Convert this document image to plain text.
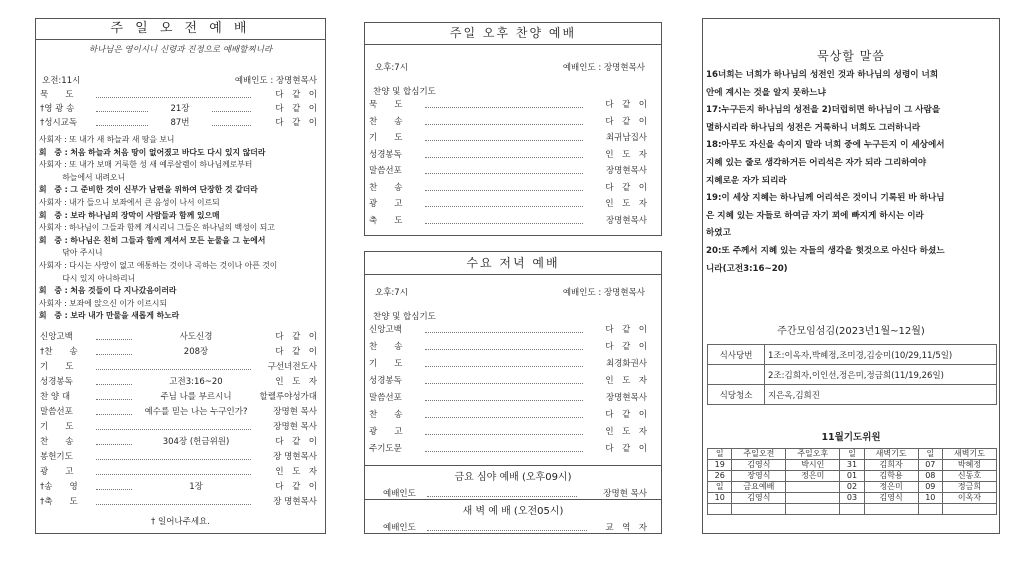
주 일 오 전 예 배
하나님은 영이시니 신령과 진정으로 예배할찌니라
오전:11시	예배인도 : 장명현목사
묵　　도	다　같　이
†영 광 송	21장	다　같　이
†성시교독	87번	다　같　이
사회자 : 또 내가 새 하늘과 새 땅을 보니
회　중 : 처음 하늘과 처음 땅이 없어졌고 바다도 다시 있지 않더라
사회자 : 또 내가 보매 거룩한 성 새 예루살렘이 하나님께로부터
　　　하늘에서 내려오니
회　중 : 그 준비한 것이 신부가 남편을 위하여 단장한 것 같더라
사회자 : 내가 들으니 보좌에서 큰 음성이 나서 이르되
회　중 : 보라 하나님의 장막이 사람들과 함께 있으매
사회자 : 하나님이 그들과 함께 계시리니 그들은 하나님의 백성이 되고
회　중 : 하나님은 친히 그들과 함께 계셔서 모든 눈물을 그 눈에서
　　　닦아 주시니
사회자 : 다시는 사망이 없고 애통하는 것이나 곡하는 것이나 아픈 것이
　　　다시 있지 아니하리니
회　중 : 처음 것들이 다 지나갔음이러라
사회자 : 보좌에 앉으신 이가 이르시되
회　중 : 보라 내가 만물을 새롭게 하노라
신앙고백	사도신경	다　같　이
†찬　　송	208장	다　같　이
기　　도	구선녀전도사
성경봉독	고전3:16~20	인　도　자
찬 양 대	주님 나를 부르시니	할렐루야성가대
말씀선포	예수를 믿는 나는 누구인가?	장명현 목사
기　　도	장명현 목사
찬　　송	304장 (헌금위원)	다　같　이
봉헌기도	장 명현목사
광　　고	인　도　자
†송　　영	1장	다　같　이
†축　　도	장 명현목사
† 일어나주세요.
주일 오후 찬양 예배
오후:7시	예배인도 : 장명현목사
찬양 및 합심기도
묵　　도	다　같　이
찬　　송	다　같　이
기　　도	최귀남집사
성경봉독	인　도　자
말씀선포	장명현목사
찬　　송	다　같　이
광　　고	인　도　자
축　　도	장명현목사
수요 저녁 예배
오후:7시	예배인도 : 장명현목사
찬양 및 합심기도
신앙고백	다　같　이
찬　　송	다　같　이
기　　도	최경화권사
성경봉독	인　도　자
말씀선포	장명현목사
찬　　송	다　같　이
광　　고	인　도　자
주기도문	다　같　이
금요 심야 예배 (오후09시)
예배인도	장명현 목사
새 벽 예 배 (오전05시)
예배인도	교　역　자
묵상할 말씀
16너희는 너희가 하나님의 성전인 것과 하나님의 성령이 너희
안에 계시는 것을 알지 못하느냐
17:누구든지 하나님의 성전을 2)더럽히면 하나님이 그 사람을
멸하시리라 하나님의 성전은 거룩하니 너희도 그러하니라
18:아무도 자신을 속이지 말라 너희 중에 누구든지 이 세상에서
지혜 있는 줄로 생각하거든 어리석은 자가 되라 그리하여야
지혜로운 자가 되리라
19:이 세상 지혜는 하나님께 어리석은 것이니 기록된 바 하나님
은 지혜 있는 자들로 하여금 자기 꾀에 빠지게 하시는 이라
하였고
20:또 주께서 지혜 있는 자들의 생각을 헛것으로 아신다 하셨느
니라(고전3:16~20)
주간모임섬김(2023년1월~12월)
식사당번	1조:이옥자,박혜정,조미경,김숭미(10/29,11/5일)
	2조:김희자,이인선,정은미,정금희(11/19,26일)
식당청소	지은옥,김희진
11월기도위원
일	주일오전	주일오후	일	새벽기도	일	새벽기도
19	김영식	박시인	31	김희자	07	박혜정
26	장영식	정은미	01	김학용	08	신동호
일	금요예배		02	정은미	09	정금희
10	김영식		03	김영식	10	이옥자
